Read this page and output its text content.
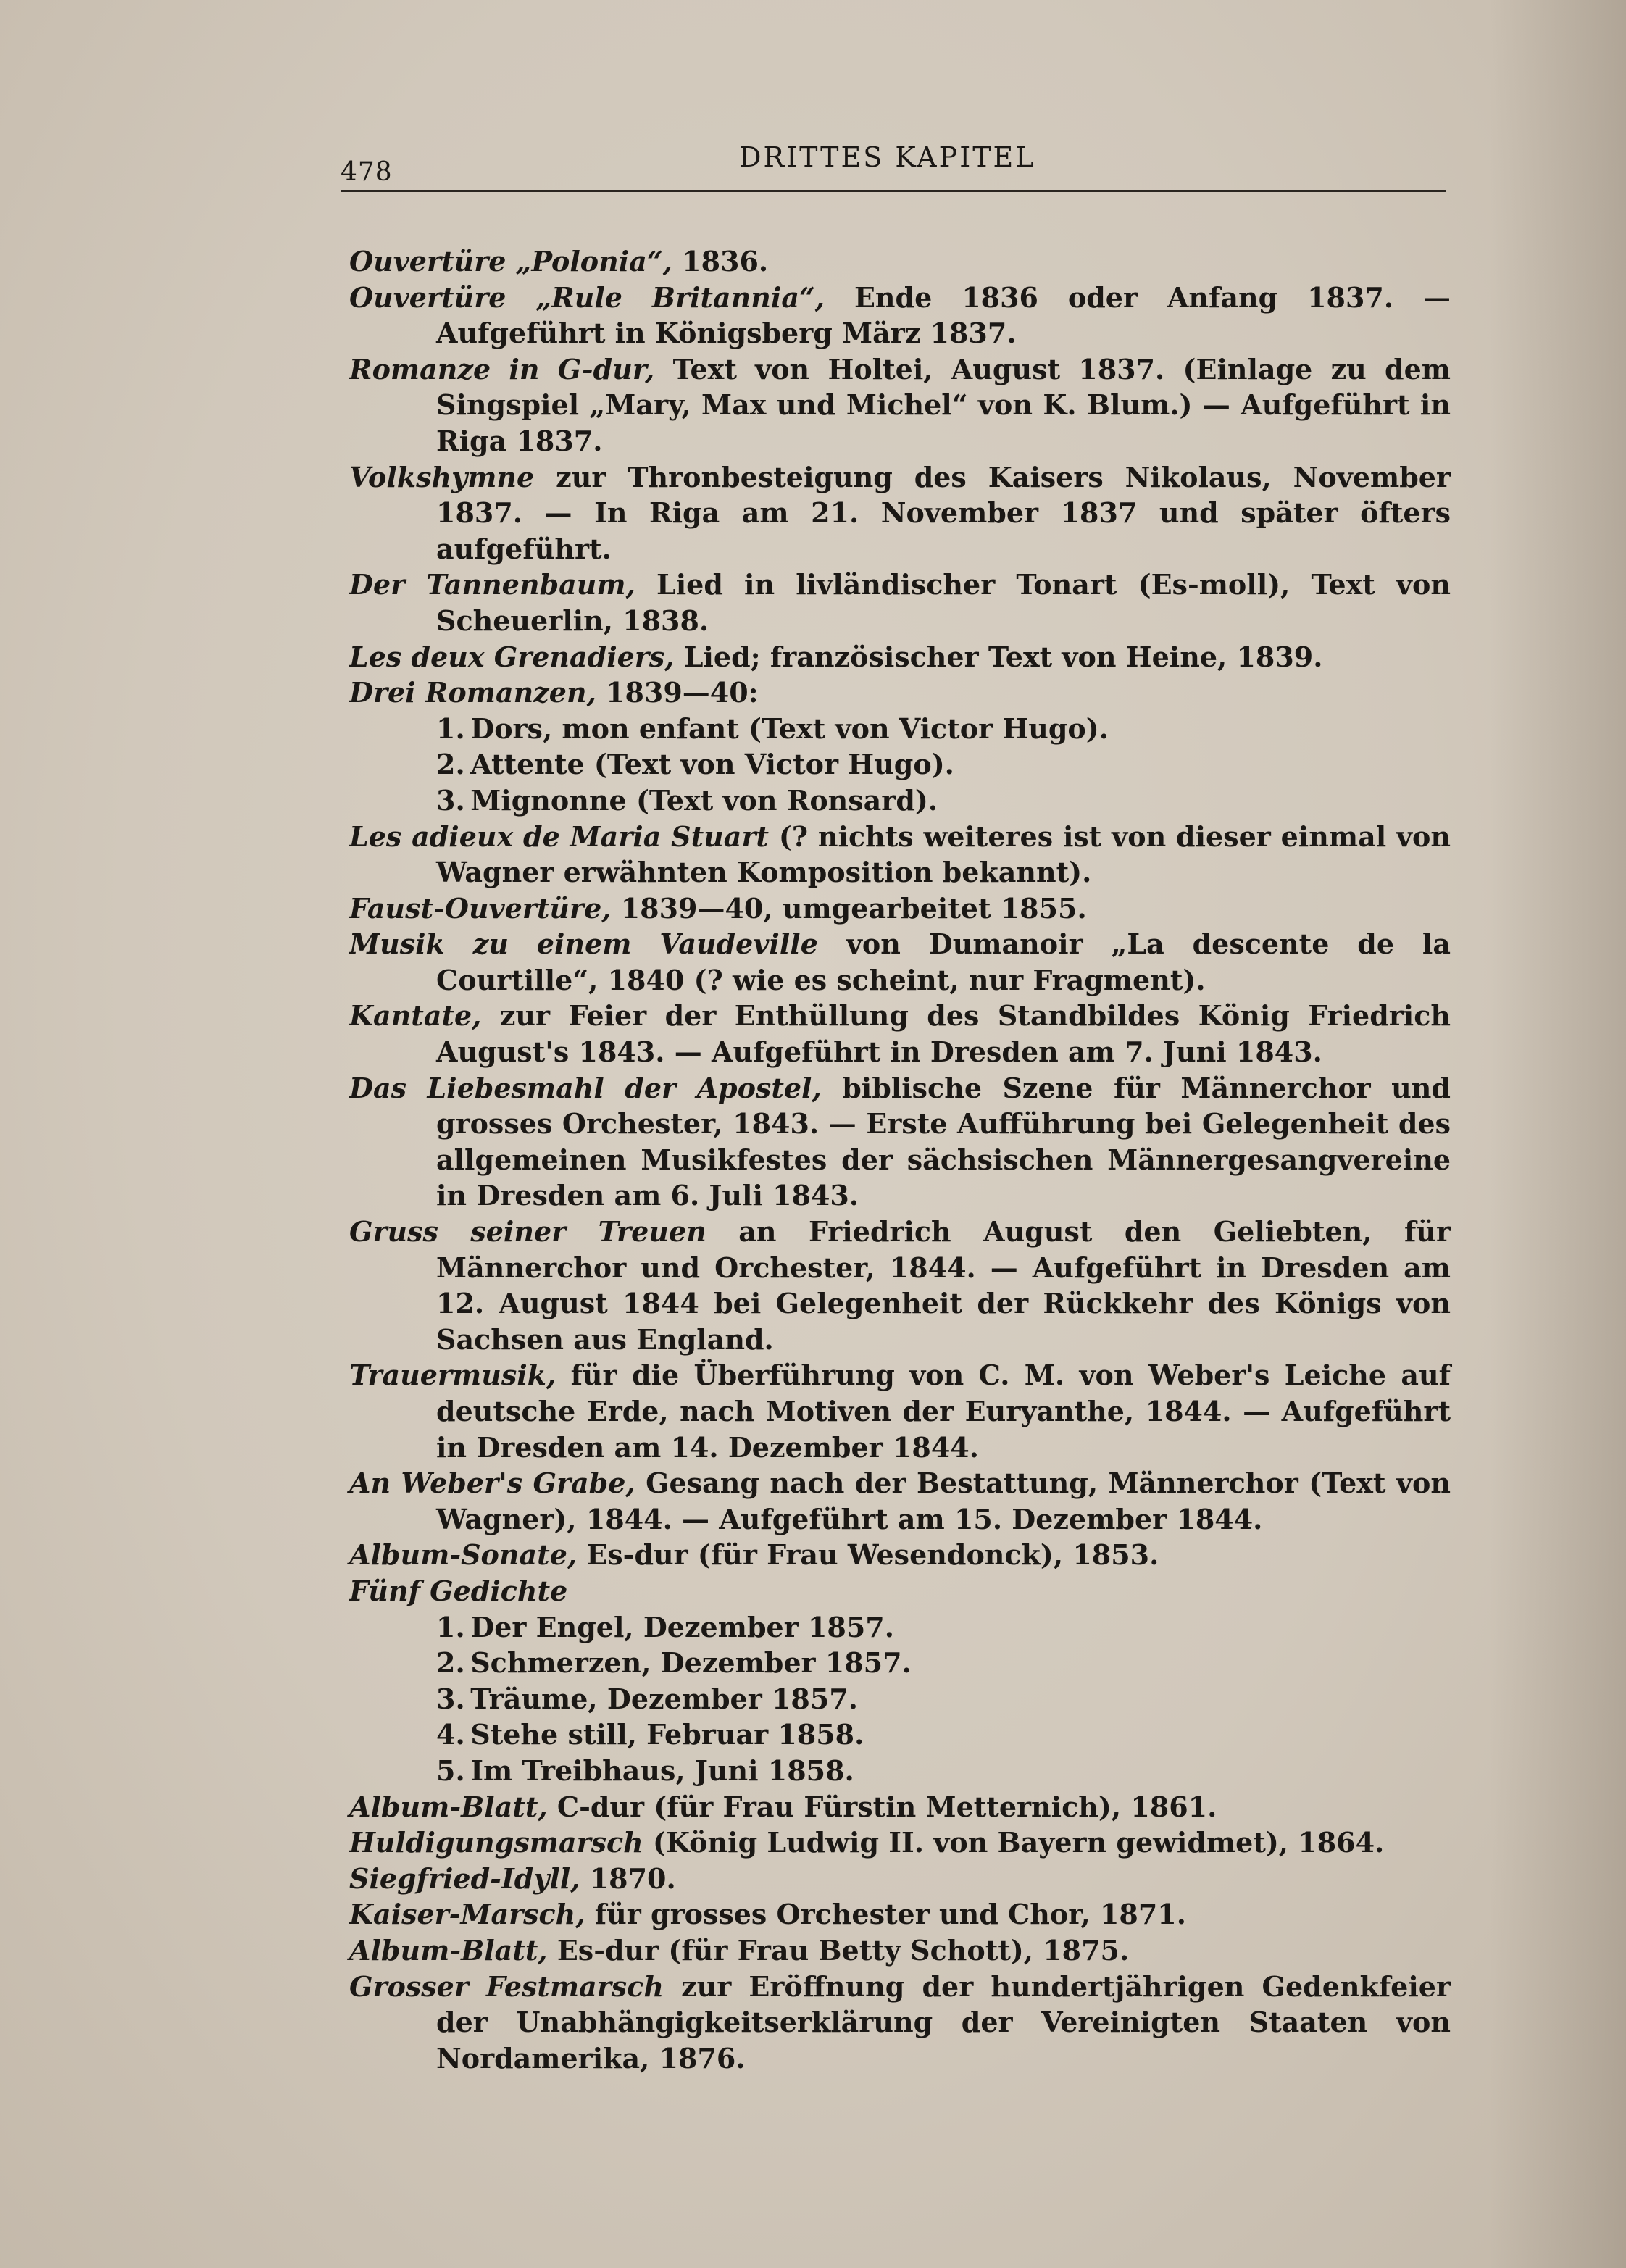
478	DRITTES KAPITEL
Ouvertüre „Polonia“, 1836.
Ouvertüre „Rule Britannia“, Ende 1836 oder Anfang 1837. — Aufgeführt in Königsberg März 1837.
Romanze in G-dur, Text von Holtei, August 1837. (Einlage zu dem Singspiel „Mary, Max und Michel“ von K. Blum.) — Aufgeführt in Riga 1837.
Volkshymne zur Thronbesteigung des Kaisers Nikolaus, November 1837. — In Riga am 21. November 1837 und später öfters aufgeführt.
Der Tannenbaum, Lied in livländischer Tonart (Es-moll), Text von Scheuerlin, 1838.
Les deux Grenadiers, Lied; französischer Text von Heine, 1839.
Drei Romanzen, 1839—40:
1. Dors, mon enfant (Text von Victor Hugo).
2. Attente (Text von Victor Hugo).
3. Mignonne (Text von Ronsard).
Les adieux de Maria Stuart (? nichts weiteres ist von dieser einmal von Wagner erwähnten Komposition bekannt).
Faust-Ouvertüre, 1839—40, umgearbeitet 1855.
Musik zu einem Vaudeville von Dumanoir „La descente de la Courtille“, 1840 (? wie es scheint, nur Fragment).
Kantate, zur Feier der Enthüllung des Standbildes König Friedrich August's 1843. — Aufgeführt in Dresden am 7. Juni 1843.
Das Liebesmahl der Apostel, biblische Szene für Männerchor und grosses Orchester, 1843. — Erste Aufführung bei Gelegenheit des allgemeinen Musikfestes der sächsischen Männergesangvereine in Dresden am 6. Juli 1843.
Gruss seiner Treuen an Friedrich August den Geliebten, für Männerchor und Orchester, 1844. — Aufgeführt in Dresden am 12. August 1844 bei Gelegenheit der Rückkehr des Königs von Sachsen aus England.
Trauermusik, für die Überführung von C. M. von Weber's Leiche auf deutsche Erde, nach Motiven der Euryanthe, 1844. — Aufgeführt in Dresden am 14. Dezember 1844.
An Weber's Grabe, Gesang nach der Bestattung, Männerchor (Text von Wagner), 1844. — Aufgeführt am 15. Dezember 1844.
Album-Sonate, Es-dur (für Frau Wesendonck), 1853.
Fünf Gedichte
1. Der Engel, Dezember 1857.
2. Schmerzen, Dezember 1857.
3. Träume, Dezember 1857.
4. Stehe still, Februar 1858.
5. Im Treibhaus, Juni 1858.
Album-Blatt, C-dur (für Frau Fürstin Metternich), 1861.
Huldigungsmarsch (König Ludwig II. von Bayern gewidmet), 1864.
Siegfried-Idyll, 1870.
Kaiser-Marsch, für grosses Orchester und Chor, 1871.
Album-Blatt, Es-dur (für Frau Betty Schott), 1875.
Grosser Festmarsch zur Eröffnung der hundertjährigen Gedenkfeier der Unabhängigkeitserklärung der Vereinigten Staaten von Nordamerika, 1876.
